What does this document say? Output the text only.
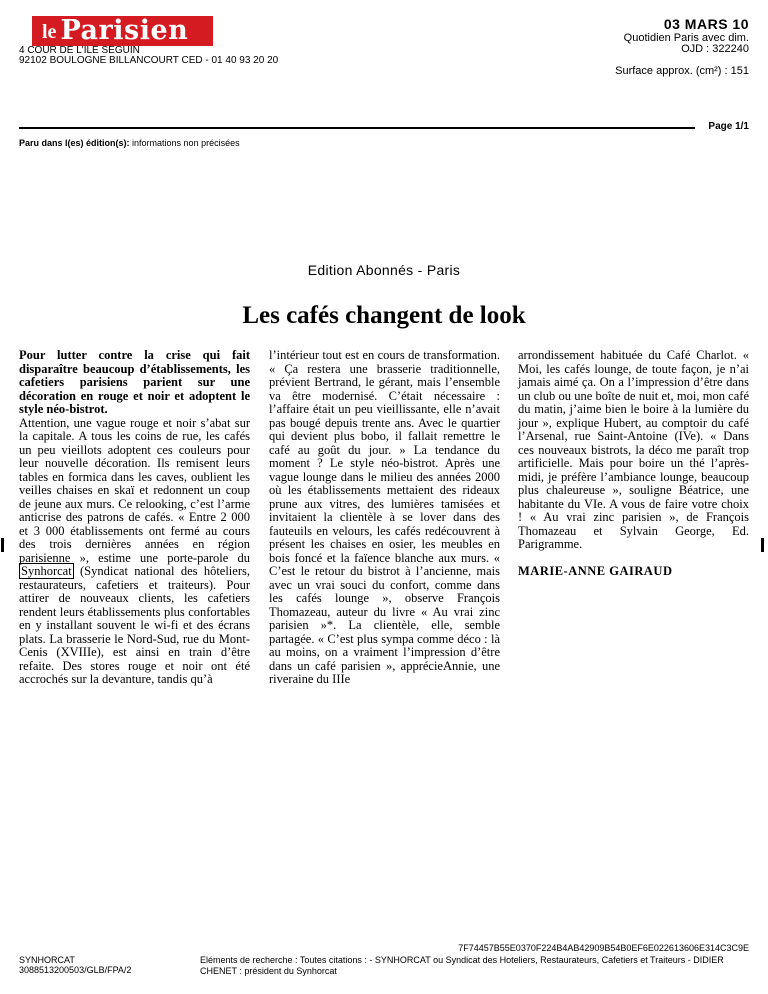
le Parisien
4 COUR DE L'ILE SEGUIN
92102 BOULOGNE BILLANCOURT CED - 01 40 93 20 20
03 MARS 10
Quotidien Paris avec dim.
OJD : 322240
Surface approx. (cm²) : 151
Page 1/1
Paru dans l(es) édition(s): informations non précisées
Edition Abonnés - Paris
Les cafés changent de look

Pour lutter contre la crise qui fait disparaître beaucoup d’établissements, les cafetiers parisiens parient sur une décoration en rouge et noir et adoptent le style néo-bistrot.

Attention, une vague rouge et noir s’abat sur la capitale. A tous les coins de rue, les cafés un peu vieillots adoptent ces couleurs pour leur nouvelle décoration. Ils remisent leurs tables en formica dans les caves, oublient les veilles chaises en skaï et redonnent un coup de jeune aux murs. Ce relooking, c’est l’arme anticrise des patrons de cafés. « Entre 2 000 et 3 000 établissements ont fermé au cours des trois dernières années en région parisienne », estime une porte-parole du Synhorcat (Syndicat national des hôteliers, restaurateurs, cafetiers et traiteurs). Pour attirer de nouveaux clients, les cafetiers rendent leurs établissements plus confortables en y installant souvent le wi-fi et des écrans plats. La brasserie le Nord-Sud, rue du Mont-Cenis (XVIIIe), est ainsi en train d’être refaite. Des stores rouge et noir ont été accrochés sur la devanture, tandis qu’à

l’intérieur tout est en cours de transformation. « Ça restera une brasserie traditionnelle, prévient Bertrand, le gérant, mais l’ensemble va être modernisé. C’était nécessaire : l’affaire était un peu vieillissante, elle n’avait pas bougé depuis trente ans. Avec le quartier qui devient plus bobo, il fallait remettre le café au goût du jour. » La tendance du moment ? Le style néo-bistrot. Après une vague lounge dans le milieu des années 2000 où les établissements mettaient des rideaux prune aux vitres, des lumières tamisées et invitaient la clientèle à se lover dans des fauteuils en velours, les cafés redécouvrent à présent les chaises en osier, les meubles en bois foncé et la faïence blanche aux murs. « C’est le retour du bistrot à l’ancienne, mais avec un vrai souci du confort, comme dans les cafés lounge », observe François Thomazeau, auteur du livre « Au vrai zinc parisien »*. La clientèle, elle, semble partagée. « C’est plus sympa comme déco : là au moins, on a vraiment l’impression d’être dans un café parisien », apprécieAnnie, une riveraine du IIIe

arrondissement habituée du Café Charlot. « Moi, les cafés lounge, de toute façon, je n’ai jamais aimé ça. On a l’impression d’être dans un club ou une boîte de nuit et, moi, mon café du matin, j’aime bien le boire à la lumière du jour », explique Hubert, au comptoir du café l’Arsenal, rue Saint-Antoine (IVe). « Dans ces nouveaux bistrots, la déco me paraît trop artificielle. Mais pour boire un thé l’après-midi, je préfère l’ambiance lounge, beaucoup plus chaleureuse », souligne Béatrice, une habitante du VIe. A vous de faire votre choix ! « Au vrai zinc parisien », de François Thomazeau et Sylvain George, Ed. Parigramme.

MARIE-ANNE GAIRAUD

7F74457B55E0370F224B4AB42909B54B0EF6E022613606E314C3C9E
SYNHORCAT
3088513200503/GLB/FPA/2
Eléments de recherche : Toutes citations : - SYNHORCAT ou Syndicat des Hoteliers, Restaurateurs, Cafetiers et Traiteurs - DIDIER CHENET : président du Synhorcat
